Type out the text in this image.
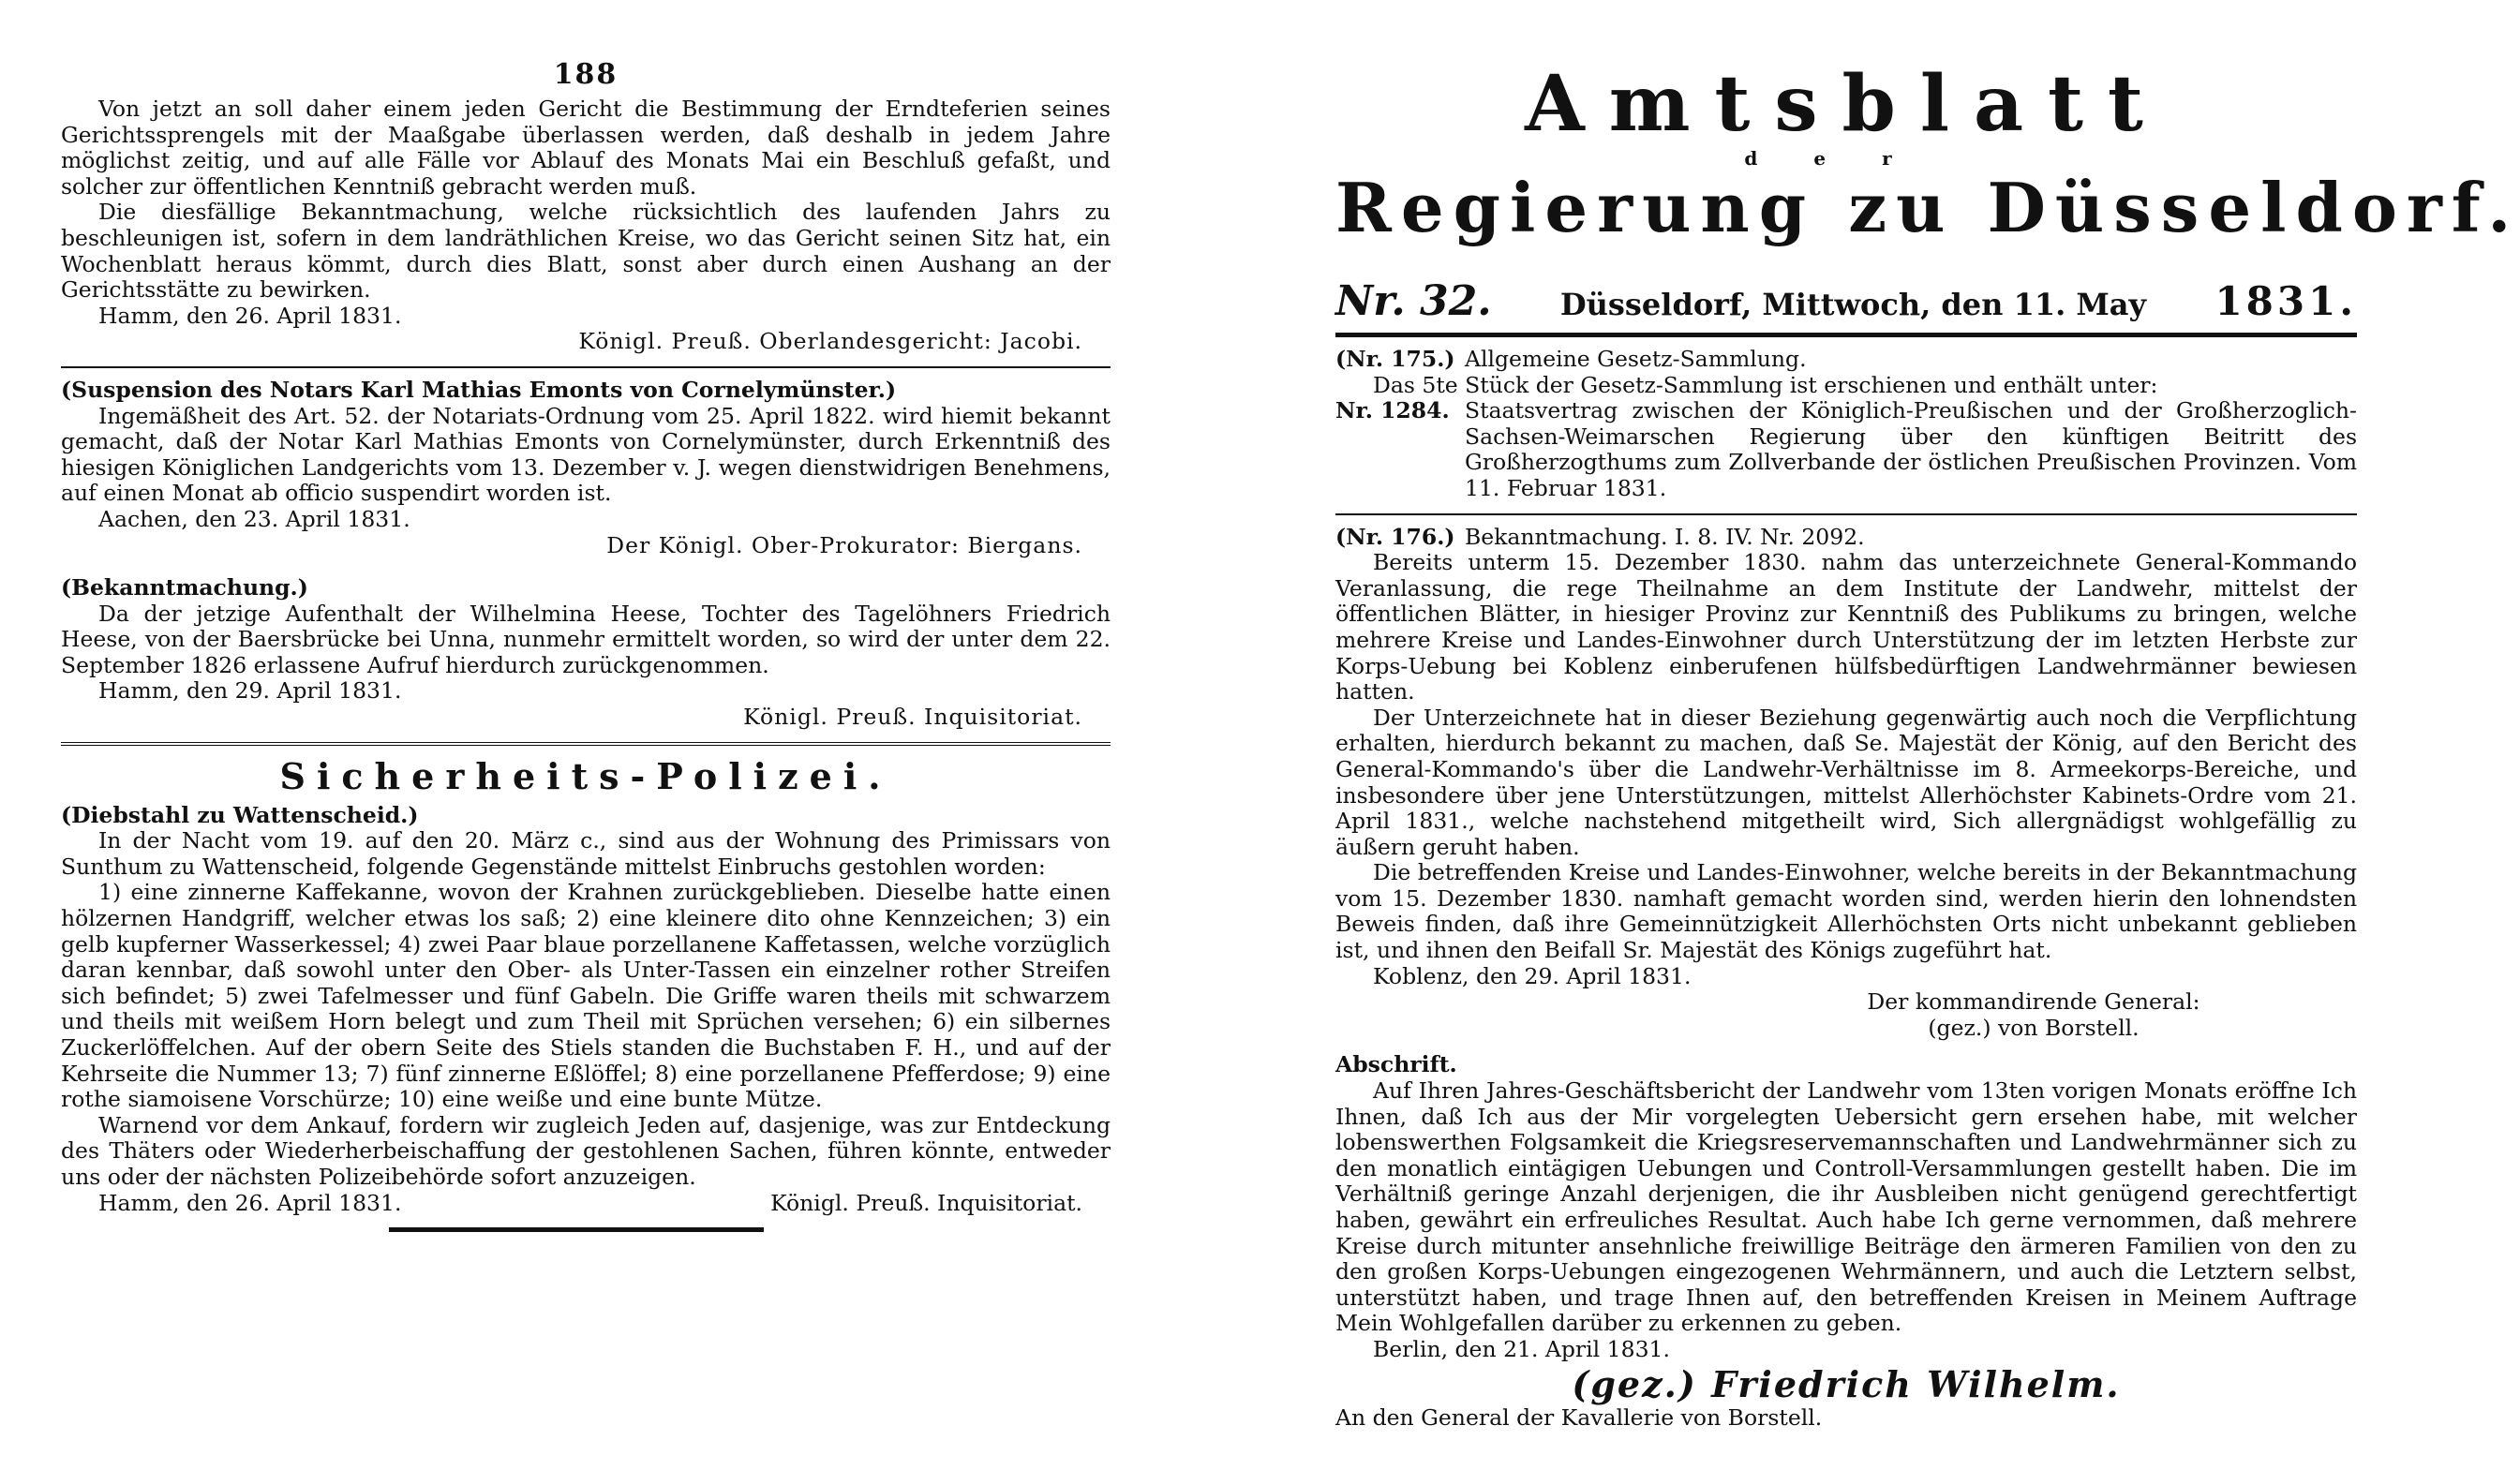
188

Von jetzt an soll daher einem jeden Gericht die Bestimmung der Erndteferien seines Gerichtssprengels mit der Maaßgabe überlassen werden, daß deshalb in jedem Jahre möglichst zeitig, und auf alle Fälle vor Ablauf des Monats Mai ein Beschluß gefaßt, und solcher zur öffentlichen Kenntniß gebracht werden muß.

Die diesfällige Bekanntmachung, welche rücksichtlich des laufenden Jahrs zu beschleunigen ist, sofern in dem landräthlichen Kreise, wo das Gericht seinen Sitz hat, ein Wochenblatt heraus kömmt, durch dies Blatt, sonst aber durch einen Aushang an der Gerichtsstätte zu bewirken.

Hamm, den 26. April 1831.

Königl. Preuß. Oberlandesgericht: Jacobi.

(Suspension des Notars Karl Mathias Emonts von Cornelymünster.)

Ingemäßheit des Art. 52. der Notariats-Ordnung vom 25. April 1822. wird hiemit bekannt gemacht, daß der Notar Karl Mathias Emonts von Cornelymünster, durch Erkenntniß des hiesigen Königlichen Landgerichts vom 13. Dezember v. J. wegen dienstwidrigen Benehmens, auf einen Monat ab officio suspendirt worden ist.

Aachen, den 23. April 1831.

Der Königl. Ober-Prokurator: Biergans.

(Bekanntmachung.)

Da der jetzige Aufenthalt der Wilhelmina Heese, Tochter des Tagelöhners Friedrich Heese, von der Baersbrücke bei Unna, nunmehr ermittelt worden, so wird der unter dem 22. September 1826 erlassene Aufruf hierdurch zurückgenommen.

Hamm, den 29. April 1831.

Königl. Preuß. Inquisitoriat.

Sicherheits-Polizei.

(Diebstahl zu Wattenscheid.)

In der Nacht vom 19. auf den 20. März c., sind aus der Wohnung des Primissars von Sunthum zu Wattenscheid, folgende Gegenstände mittelst Einbruchs gestohlen worden:

1) eine zinnerne Kaffekanne, wovon der Krahnen zurückgeblieben. Dieselbe hatte einen hölzernen Handgriff, welcher etwas los saß; 2) eine kleinere dito ohne Kennzeichen; 3) ein gelb kupferner Wasserkessel; 4) zwei Paar blaue porzellanene Kaffetassen, welche vorzüglich daran kennbar, daß sowohl unter den Ober- als Unter-Tassen ein einzelner rother Streifen sich befindet; 5) zwei Tafelmesser und fünf Gabeln. Die Griffe waren theils mit schwarzem und theils mit weißem Horn belegt und zum Theil mit Sprüchen versehen; 6) ein silbernes Zuckerlöffelchen. Auf der obern Seite des Stiels standen die Buchstaben F. H., und auf der Kehrseite die Nummer 13; 7) fünf zinnerne Eßlöffel; 8) eine porzellanene Pfefferdose; 9) eine rothe siamoisene Vorschürze; 10) eine weiße und eine bunte Mütze.

Warnend vor dem Ankauf, fordern wir zugleich Jeden auf, dasjenige, was zur Entdeckung des Thäters oder Wiederherbeischaffung der gestohlenen Sachen, führen könnte, entweder uns oder der nächsten Polizeibehörde sofort anzuzeigen.

Hamm, den 26. April 1831.	Königl. Preuß. Inquisitoriat.
Amtsblatt
der
Regierung zu Düsseldorf.
Nr. 32. Düsseldorf, Mittwoch, den 11. May 1831.
(Nr. 175.) Allgemeine Gesetz-Sammlung.

Das 5te Stück der Gesetz-Sammlung ist erschienen und enthält unter:

Nr. 1284. Staatsvertrag zwischen der Königlich-Preußischen und der Großherzoglich-Sachsen-Weimarschen Regierung über den künftigen Beitritt des Großherzogthums zum Zollverbande der östlichen Preußischen Provinzen. Vom 11. Februar 1831.
(Nr. 176.) Bekanntmachung. I. 8. IV. Nr. 2092.

Bereits unterm 15. Dezember 1830. nahm das unterzeichnete General-Kommando Veranlassung, die rege Theilnahme an dem Institute der Landwehr, mittelst der öffentlichen Blätter, in hiesiger Provinz zur Kenntniß des Publikums zu bringen, welche mehrere Kreise und Landes-Einwohner durch Unterstützung der im letzten Herbste zur Korps-Uebung bei Koblenz einberufenen hülfsbedürftigen Landwehrmänner bewiesen hatten.

Der Unterzeichnete hat in dieser Beziehung gegenwärtig auch noch die Verpflichtung erhalten, hierdurch bekannt zu machen, daß Se. Majestät der König, auf den Bericht des General-Kommando's über die Landwehr-Verhältnisse im 8. Armeekorps-Bereiche, und insbesondere über jene Unterstützungen, mittelst Allerhöchster Kabinets-Ordre vom 21. April 1831., welche nachstehend mitgetheilt wird, Sich allergnädigst wohlgefällig zu äußern geruht haben.

Die betreffenden Kreise und Landes-Einwohner, welche bereits in der Bekanntmachung vom 15. Dezember 1830. namhaft gemacht worden sind, werden hierin den lohnendsten Beweis finden, daß ihre Gemeinnützigkeit Allerhöchsten Orts nicht unbekannt geblieben ist, und ihnen den Beifall Sr. Majestät des Königs zugeführt hat.

Koblenz, den 29. April 1831.

Der kommandirende General:

(gez.) von Borstell.

Abschrift.

Auf Ihren Jahres-Geschäftsbericht der Landwehr vom 13ten vorigen Monats eröffne Ich Ihnen, daß Ich aus der Mir vorgelegten Uebersicht gern ersehen habe, mit welcher lobenswerthen Folgsamkeit die Kriegsreservemannschaften und Landwehrmänner sich zu den monatlich eintägigen Uebungen und Controll-Versammlungen gestellt haben. Die im Verhältniß geringe Anzahl derjenigen, die ihr Ausbleiben nicht genügend gerechtfertigt haben, gewährt ein erfreuliches Resultat. Auch habe Ich gerne vernommen, daß mehrere Kreise durch mitunter ansehnliche freiwillige Beiträge den ärmeren Familien von den zu den großen Korps-Uebungen eingezogenen Wehrmännern, und auch die Letztern selbst, unterstützt haben, und trage Ihnen auf, den betreffenden Kreisen in Meinem Auftrage Mein Wohlgefallen darüber zu erkennen zu geben.

Berlin, den 21. April 1831.

(gez.) Friedrich Wilhelm.

An den General der Kavallerie von Borstell.
